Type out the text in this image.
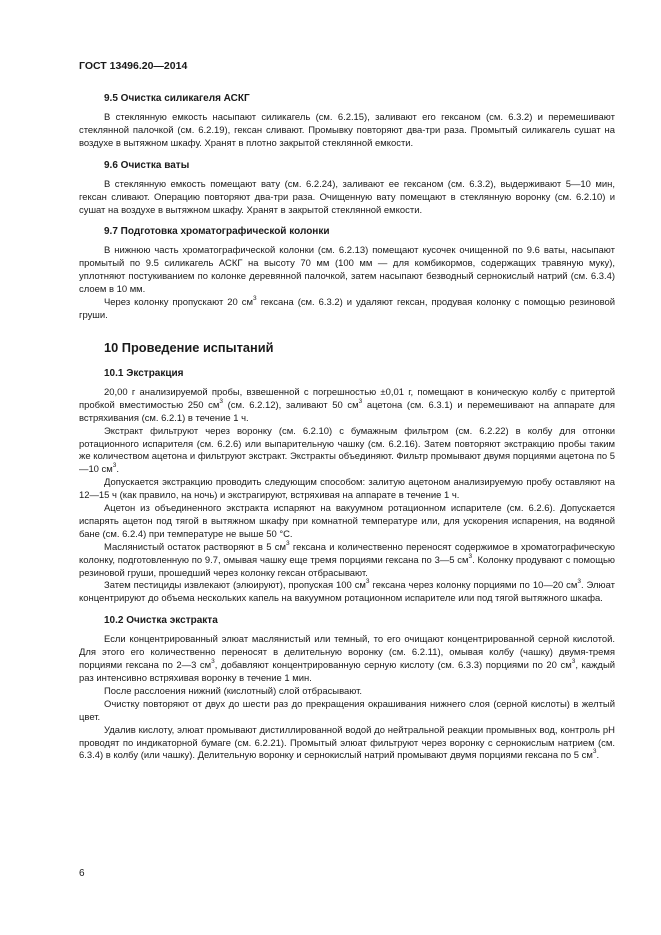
ГОСТ 13496.20—2014
9.5 Очистка силикагеля АСКГ

В стеклянную емкость насыпают силикагель (см. 6.2.15), заливают его гексаном (см. 6.3.2) и перемешивают стеклянной палочкой (см. 6.2.19), гексан сливают. Промывку повторяют два-три раза. Промытый силикагель сушат на воздухе в вытяжном шкафу. Хранят в плотно закрытой стеклянной емкости.

9.6 Очистка ваты

В стеклянную емкость помещают вату (см. 6.2.24), заливают ее гексаном (см. 6.3.2), выдерживают 5—10 мин, гексан сливают. Операцию повторяют два-три раза. Очищенную вату помещают в стеклянную воронку (см. 6.2.10) и сушат на воздухе в вытяжном шкафу. Хранят в закрытой стеклянной емкости.

9.7 Подготовка хроматографической колонки

В нижнюю часть хроматографической колонки (см. 6.2.13) помещают кусочек очищенной по 9.6 ваты, насыпают промытый по 9.5 силикагель АСКГ на высоту 70 мм (100 мм — для комбикормов, содержащих травяную муку), уплотняют постукиванием по колонке деревянной палочкой, затем насыпают безводный сернокислый натрий (см. 6.3.4) слоем в 10 мм.

Через колонку пропускают 20 $см^3$ гексана (см. 6.3.2) и удаляют гексан, продувая колонку с помощью резиновой груши.

10 Проведение испытаний
10.1 Экстракция

20,00 г анализируемой пробы, взвешенной с погрешностью ±0,01 г, помещают в коническую колбу с притертой пробкой вместимостью 250 $см^3$ (см. 6.2.12), заливают 50 $см^3$ ацетона (см. 6.3.1) и перемешивают на аппарате для встряхивания (см. 6.2.1) в течение 1 ч.

Экстракт фильтруют через воронку (см. 6.2.10) с бумажным фильтром (см. 6.2.22) в колбу для отгонки ротационного испарителя (см. 6.2.6) или выпарительную чашку (см. 6.2.16). Затем повторяют экстракцию пробы таким же количеством ацетона и фильтруют экстракт. Экстракты объединяют. Фильтр промывают двумя порциями ацетона по 5—10 $см^3$.

Допускается экстракцию проводить следующим способом: залитую ацетоном анализируемую пробу оставляют на 12—15 ч (как правило, на ночь) и экстрагируют, встряхивая на аппарате в течение 1 ч.

Ацетон из объединенного экстракта испаряют на вакуумном ротационном испарителе (см. 6.2.6). Допускается испарять ацетон под тягой в вытяжном шкафу при комнатной температуре или, для ускорения испарения, на водяной бане (см. 6.2.4) при температуре не выше 50 °С.

Маслянистый остаток растворяют в 5 $см^3$ гексана и количественно переносят содержимое в хроматографическую колонку, подготовленную по 9.7, омывая чашку еще тремя порциями гексана по 3—5 $см^3$. Колонку продувают с помощью резиновой груши, прошедший через колонку гексан отбрасывают.

Затем пестициды извлекают (элюируют), пропуская 100 $см^3$ гексана через колонку порциями по 10—20 $см^3$. Элюат концентрируют до объема нескольких капель на вакуумном ротационном испарителе или под тягой вытяжного шкафа.

10.2 Очистка экстракта

Если концентрированный элюат маслянистый или темный, то его очищают концентрированной серной кислотой. Для этого его количественно переносят в делительную воронку (см. 6.2.11), омывая колбу (чашку) двумя-тремя порциями гексана по 2—3 $см^3$, добавляют концентрированную серную кислоту (см. 6.3.3) порциями по 20 $см^3$, каждый раз интенсивно встряхивая воронку в течение 1 мин.

После расслоения нижний (кислотный) слой отбрасывают.

Очистку повторяют от двух до шести раз до прекращения окрашивания нижнего слоя (серной кислоты) в желтый цвет.

Удалив кислоту, элюат промывают дистиллированной водой до нейтральной реакции промывных вод, контроль рН проводят по индикаторной бумаге (см. 6.2.21). Промытый элюат фильтруют через воронку с сернокислым натрием (см. 6.3.4) в колбу (или чашку). Делительную воронку и сернокислый натрий промывают двумя порциями гексана по 5 $см^3$.

6
